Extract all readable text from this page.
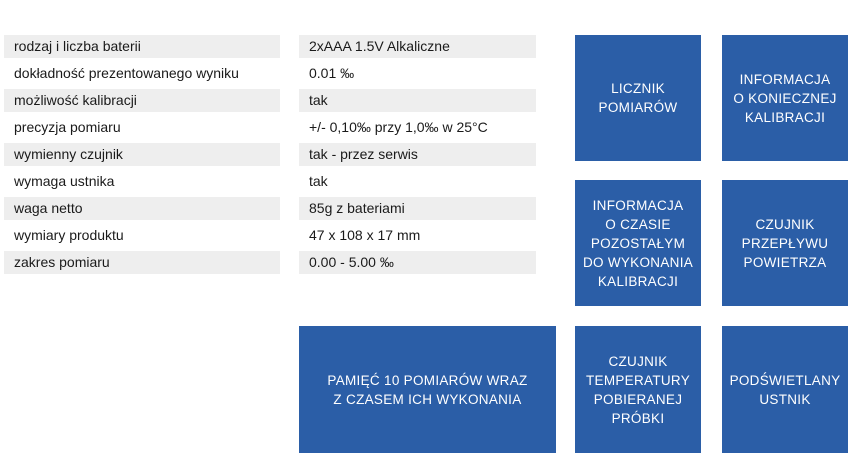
rodzaj i liczba baterii	2xAAA 1.5V Alkaliczne
dokładność prezentowanego wyniku	0.01 ‰
możliwość kalibracji	tak
precyzja pomiaru	+/- 0,10‰ przy 1,0‰ w 25°C
wymienny czujnik	tak - przez serwis
wymaga ustnika	tak
waga netto	85g z bateriami
wymiary produktu	47 x 108 x 17 mm
zakres pomiaru	0.00 - 5.00 ‰
LICZNIK
POMIARÓW
INFORMACJA
O KONIECZNEJ
KALIBRACJI
INFORMACJA
O CZASIE
POZOSTAŁYM
DO WYKONANIA
KALIBRACJI
CZUJNIK
PRZEPŁYWU
POWIETRZA
PAMIĘĆ 10 POMIARÓW WRAZ
Z CZASEM ICH WYKONANIA
CZUJNIK
TEMPERATURY
POBIERANEJ
PRÓBKI
PODŚWIETLANY
USTNIK
